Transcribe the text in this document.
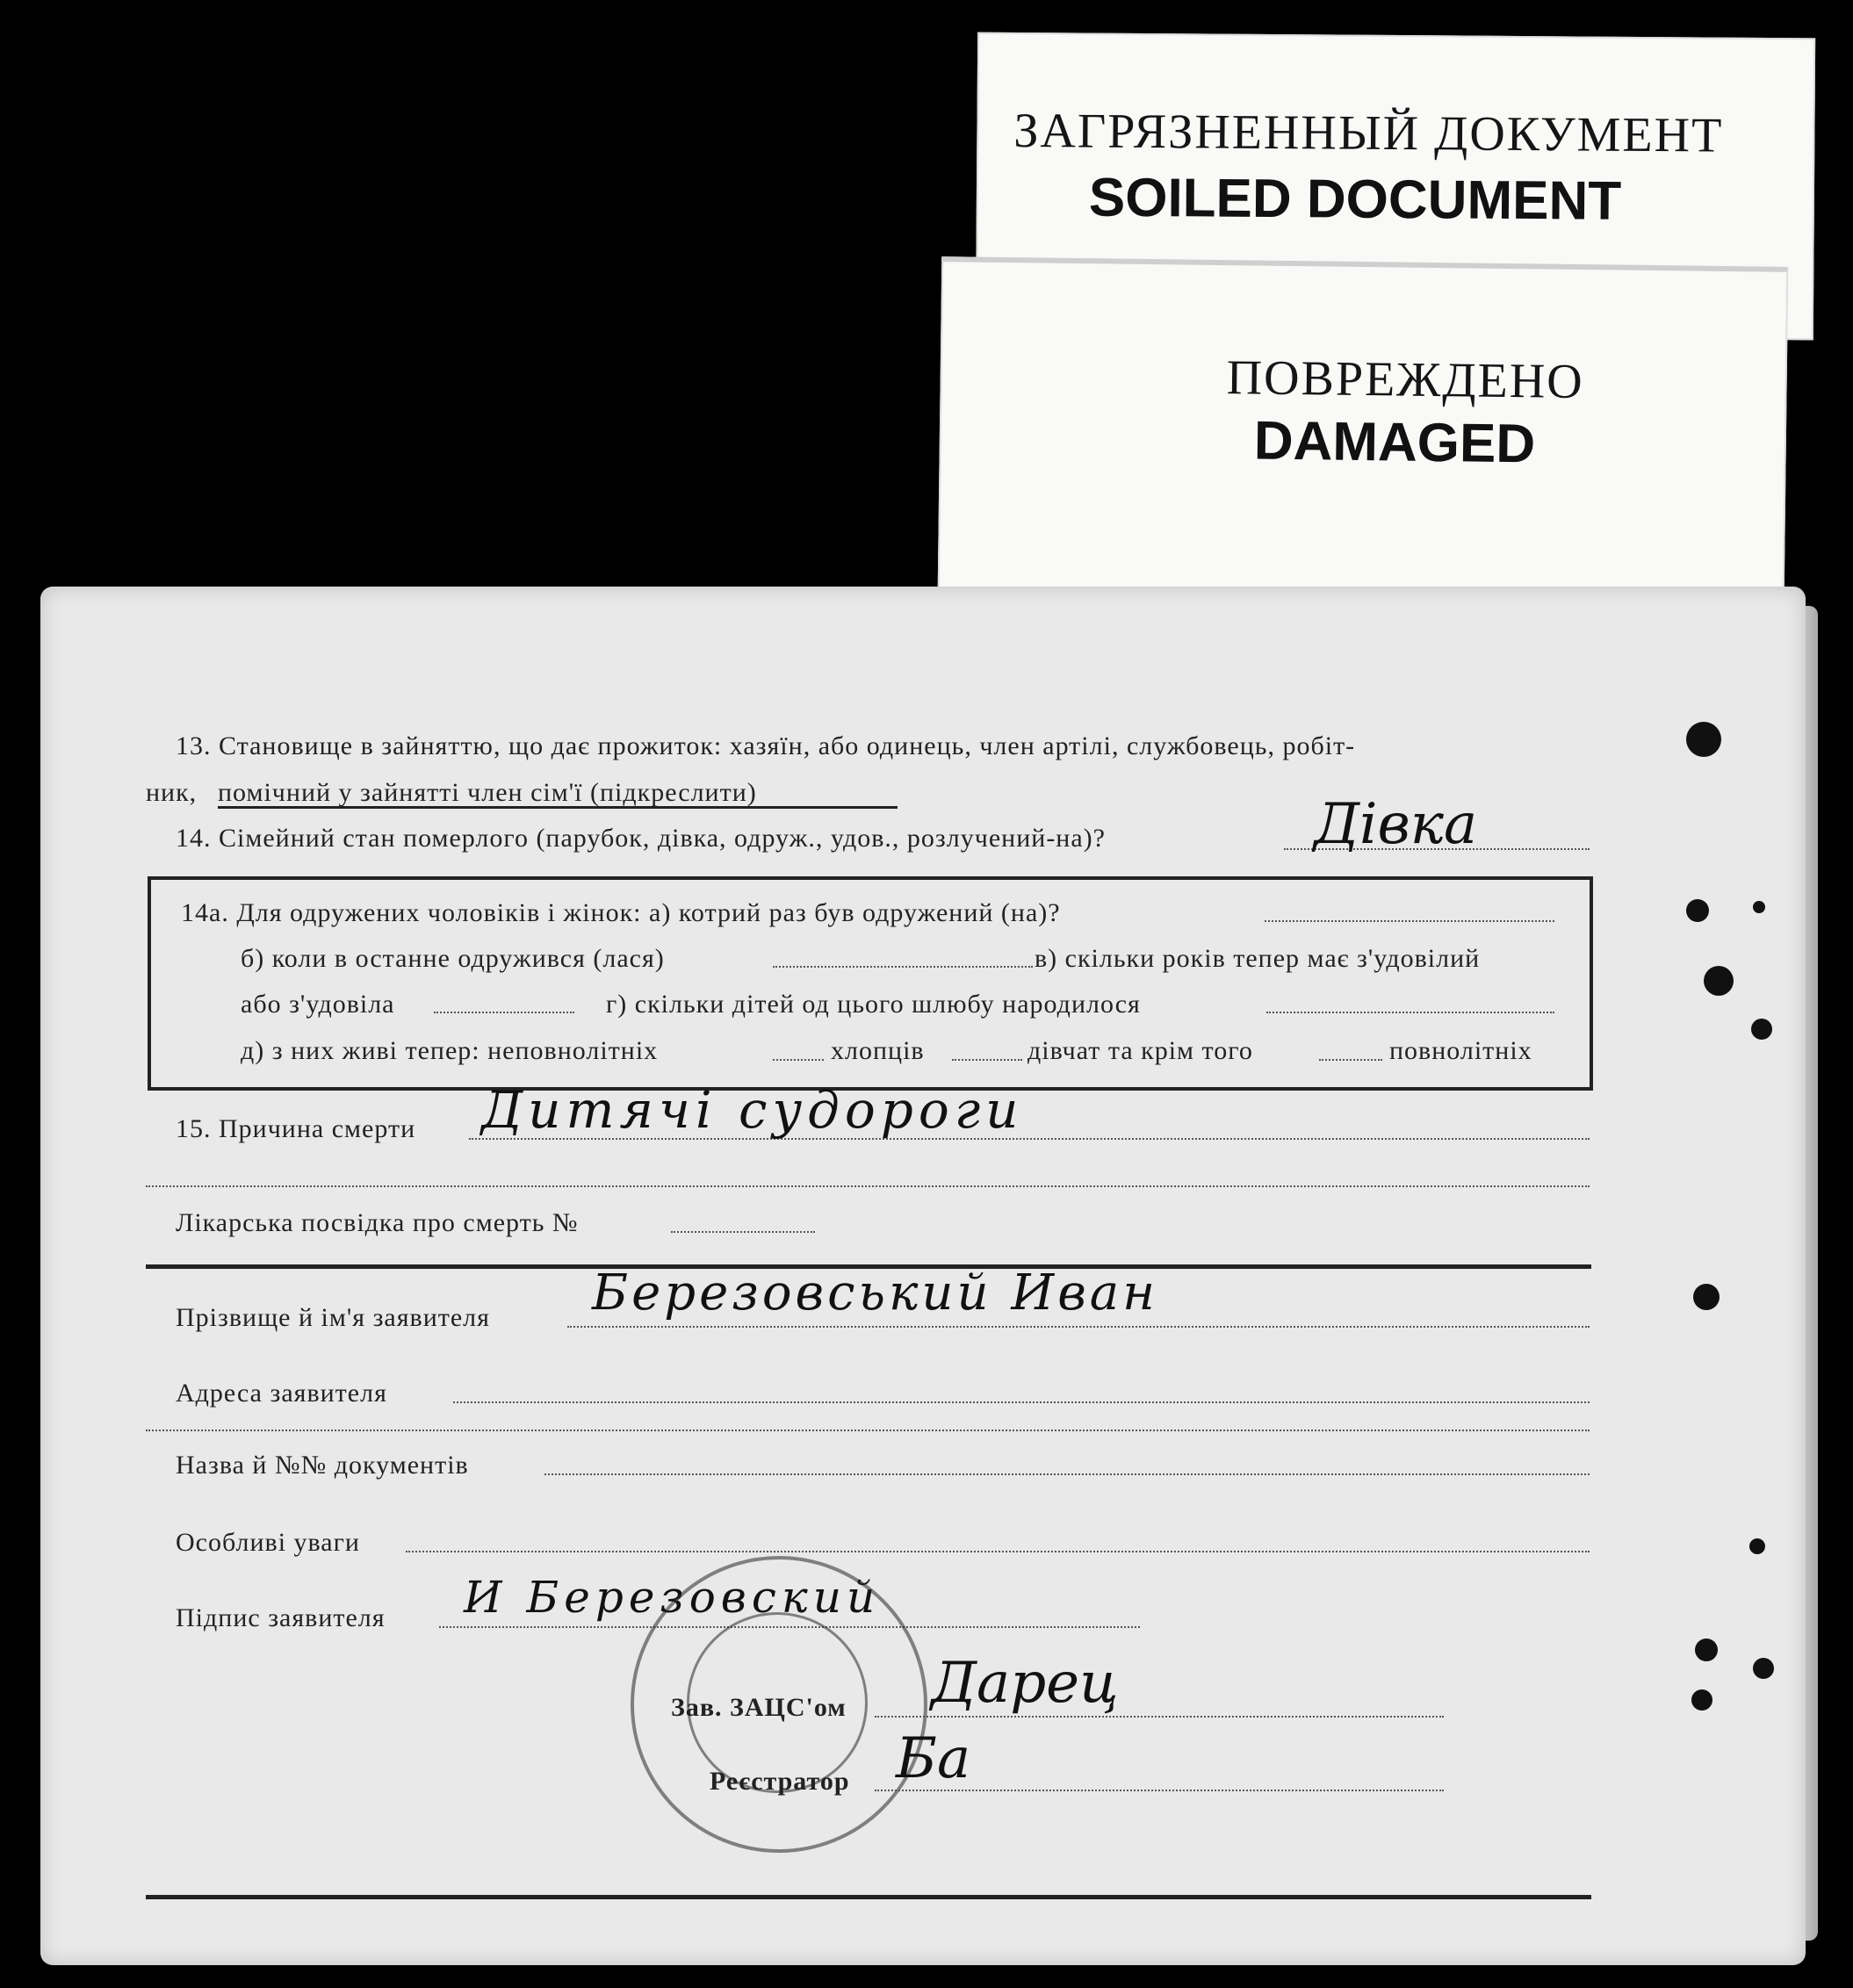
ЗАГРЯЗНЕННЫЙ ДОКУМЕНТ
SOILED DOCUMENT
ПОВРЕЖДЕНО
DAMAGED
13. Становище в зайняттю, що дає прожиток: хазяїн, або одинець, член артілі, службовець, робіт-
ник, помічний у зайнятті член сім'ї (підкреслити)
14. Сімейний стан померлого (парубок, дівка, одруж., удов., розлучений-на)?	Дівка
14а. Для одружених чоловіків і жінок: а) котрий раз був одружений (на)?
б) коли в останне одружився (лася)	в) скільки років тепер має з'удовілий
або з'удовіла	г) скільки дітей од цього шлюбу народилося
д) з них живі тепер: неповнолітніх	хлопців	дівчат та крім того	повнолітніх
15. Причина смерти Дитячі судороги
Лікарська посвідка про смерть №
Прізвище й ім'я заявителя Березовський Иван
Адреса заявителя
Назва й №№ документів
Особливі уваги
Підпис заявителя И Березовский
Зав. ЗАЦС'ом Дарец
Реєстратор Ба
